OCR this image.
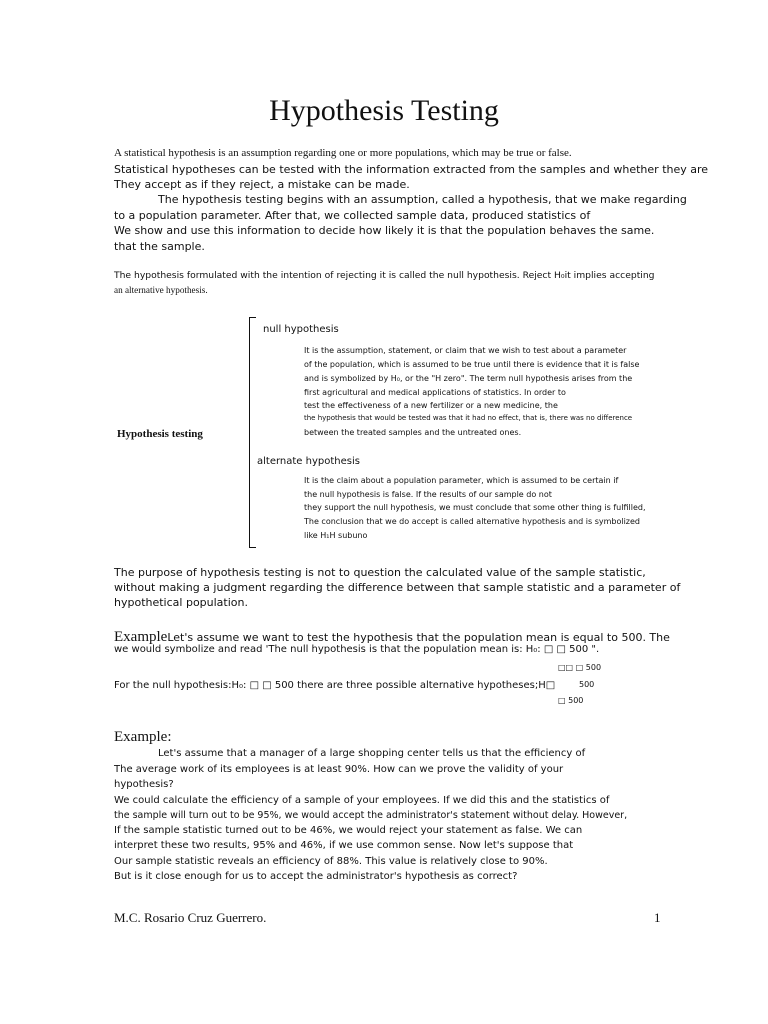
Hypothesis Testing
A statistical hypothesis is an assumption regarding one or more populations, which may be true or false.
Statistical hypotheses can be tested with the information extracted from the samples and whether they are
They accept as if they reject, a mistake can be made.
The hypothesis testing begins with an assumption, called a hypothesis, that we make regarding
to a population parameter. After that, we collected sample data, produced statistics of
We show and use this information to decide how likely it is that the population behaves the same.
that the sample.
The hypothesis formulated with the intention of rejecting it is called the null hypothesis. Reject H₀it implies accepting
an alternative hypothesis.
Hypothesis testing
null hypothesis
It is the assumption, statement, or claim that we wish to test about a parameter
of the population, which is assumed to be true until there is evidence that it is false
and is symbolized by H₀, or the "H zero". The term null hypothesis arises from the
first agricultural and medical applications of statistics. In order to
test the effectiveness of a new fertilizer or a new medicine, the
the hypothesis that would be tested was that it had no effect, that is, there was no difference
between the treated samples and the untreated ones.
alternate hypothesis
It is the claim about a population parameter, which is assumed to be certain if
the null hypothesis is false. If the results of our sample do not
they support the null hypothesis, we must conclude that some other thing is fulfilled,
The conclusion that we do accept is called alternative hypothesis and is symbolized
like H₁H subuno
The purpose of hypothesis testing is not to question the calculated value of the sample statistic,
without making a judgment regarding the difference between that sample statistic and a parameter of
hypothetical population.
ExampleLet's assume we want to test the hypothesis that the population mean is equal to 500. The
we would symbolize and read 'The null hypothesis is that the population mean is: H₀: □ □ 500 ".
□□ □ 500
For the null hypothesis:H₀: □ □ 500 there are three possible alternative hypotheses;H□	500
□ 500
Example:
Let's assume that a manager of a large shopping center tells us that the efficiency of
The average work of its employees is at least 90%. How can we prove the validity of your
hypothesis?
We could calculate the efficiency of a sample of your employees. If we did this and the statistics of
the sample will turn out to be 95%, we would accept the administrator's statement without delay. However,
If the sample statistic turned out to be 46%, we would reject your statement as false. We can
interpret these two results, 95% and 46%, if we use common sense. Now let's suppose that
Our sample statistic reveals an efficiency of 88%. This value is relatively close to 90%.
But is it close enough for us to accept the administrator's hypothesis as correct?
M.C. Rosario Cruz Guerrero.	1
